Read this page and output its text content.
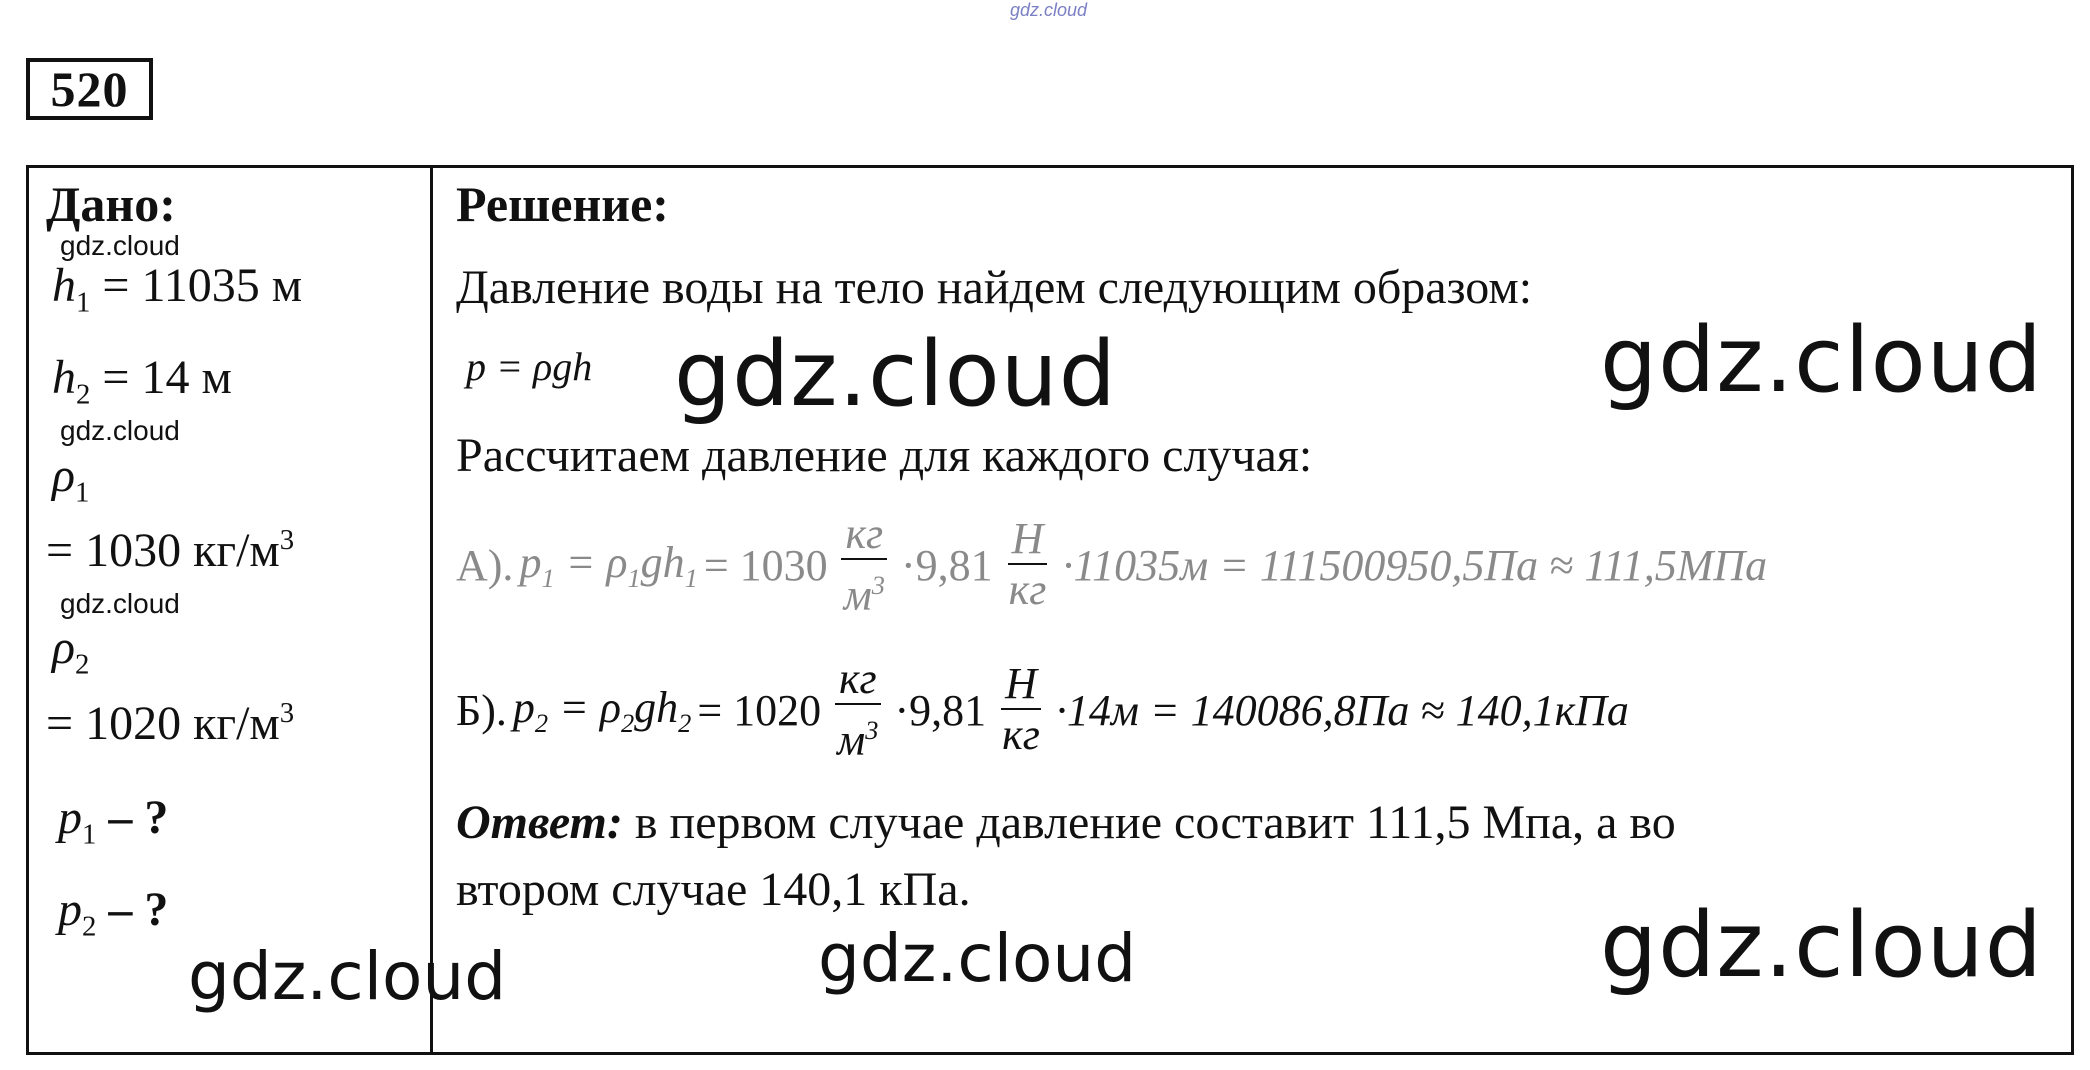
gdz.cloud
520
Дано:
gdz.cloud
$h_1 = 11035$ м
$h_2 = 14$ м
gdz.cloud
$\rho_1$
= 1030 $кг/м^3$
gdz.cloud
$\rho_2$
= 1020 $кг/м^3$
$p_1$ – ?
$p_2$ – ?
gdz.cloud
Решение:
Давление воды на тело найдем следующим образом:
p = ρgh gdz.cloud	gdz.cloud
Рассчитаем давление для каждого случая:
А). $p_1 = \rho_1gh_1 = 1030 \frac{кг}{м^3} \cdot 9,81 \frac{Н}{кг} \cdot 11035м = 111500950,5Па \approx 111,5МПа$
Б). $p_2 = \rho_2gh_2 = 1020 \frac{кг}{м^3} \cdot 9,81 \frac{Н}{кг} \cdot 14м = 140086,8Па \approx 140,1кПа$
Ответ: в первом случае давление составит 111,5 Мпа, а во
втором случае 140,1 кПа.
gdz.cloud	gdz.cloud
